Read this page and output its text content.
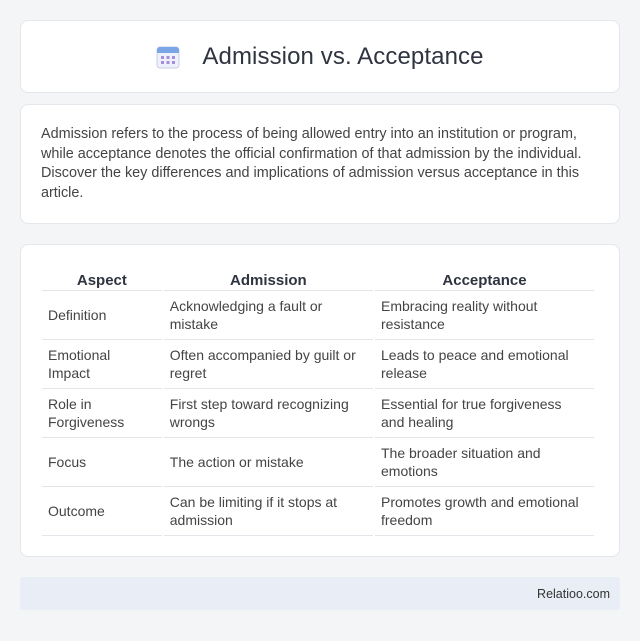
Admission vs. Acceptance

Admission refers to the process of being allowed entry into an institution or program, while acceptance denotes the official confirmation of that admission by the individual. Discover the key differences and implications of admission versus acceptance in this article.

Aspect	Admission	Acceptance
Definition	Acknowledging a fault or mistake	Embracing reality without resistance
Emotional Impact	Often accompanied by guilt or regret	Leads to peace and emotional release
Role in Forgiveness	First step toward recognizing wrongs	Essential for true forgiveness and healing
Focus	The action or mistake	The broader situation and emotions
Outcome	Can be limiting if it stops at admission	Promotes growth and emotional freedom
Relatioo.com
